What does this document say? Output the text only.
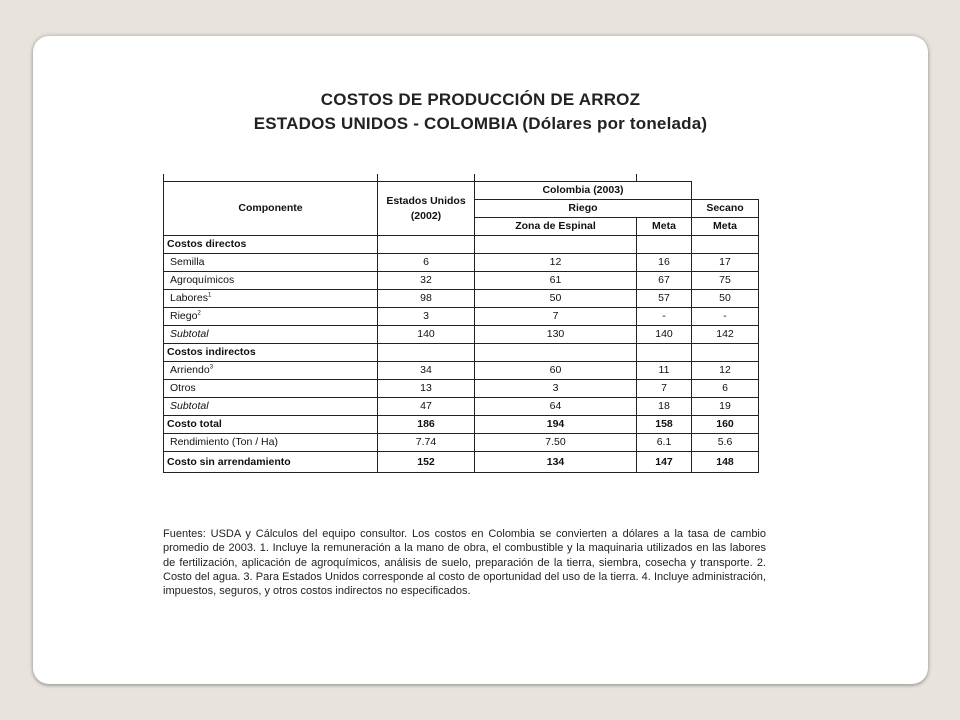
COSTOS DE PRODUCCIÓN DE ARROZ

ESTADOS UNIDOS - COLOMBIA (Dólares por tonelada)

Componente	Estados Unidos (2002)	Colombia (2003)		
		Riego		Secano
		Zona de Espinal	Meta	Meta
Costos directos				
Semilla	6	12	16	17
Agroquímicos	32	61	67	75
Labores$^1$	98	50	57	50
Riego$^2$	3	7	-	-
Subtotal	140	130	140	142
Costos indirectos				
Arriendo$^3$	34	60	11	12
Otros	13	3	7	6
Subtotal	47	64	18	19
Costo total	186	194	158	160
Rendimiento (Ton / Ha)	7.74	7.50	6.1	5.6
Costo sin arrendamiento	152	134	147	148

Fuentes: USDA y Cálculos del equipo consultor. Los costos en Colombia se convierten a dólares a la tasa de cambio promedio de 2003. 1. Incluye la remuneración a la mano de obra, el combustible y la maquinaria utilizados en las labores de fertilización, aplicación de agroquímicos, análisis de suelo, preparación de la tierra, siembra, cosecha y transporte. 2. Costo del agua. 3. Para Estados Unidos corresponde al costo de oportunidad del uso de la tierra. 4. Incluye administración, impuestos, seguros, y otros costos indirectos no especificados.
